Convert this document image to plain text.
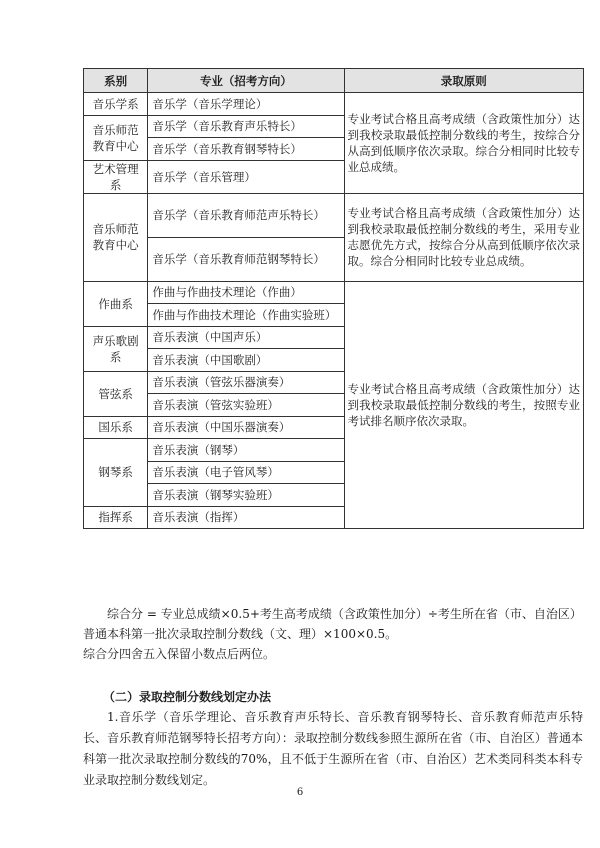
系别	专业（招考方向）	录取原则
音乐学系	音乐学（音乐学理论）	专业考试合格且高考成绩（含政策性加分）达到我校录取最低控制分数线的考生，按综合分从高到低顺序依次录取。综合分相同时比较专业总成绩。

音乐师范教育中心	音乐学（音乐教育声乐特长）	
	音乐学（音乐教育钢琴特长）	
艺术管理系	音乐学（音乐管理）	
音乐师范教育中心	音乐学（音乐教育师范声乐特长）	专业考试合格且高考成绩（含政策性加分）达到我校录取最低控制分数线的考生，采用专业志愿优先方式，按综合分从高到低顺序依次录取。综合分相同时比较专业总成绩。

	音乐学（音乐教育师范钢琴特长）	
作曲系	作曲与作曲技术理论（作曲）	专业考试合格且高考成绩（含政策性加分）达到我校录取最低控制分数线的考生，按照专业考试排名顺序依次录取。

	作曲与作曲技术理论（作曲实验班）	
声乐歌剧系	音乐表演（中国声乐）	
	音乐表演（中国歌剧）	
管弦系	音乐表演（管弦乐器演奏）	
	音乐表演（管弦实验班）	
国乐系	音乐表演（中国乐器演奏）	
钢琴系	音乐表演（钢琴）	
	音乐表演（电子管风琴）	
	音乐表演（钢琴实验班）	
指挥系	音乐表演（指挥）	

综合分 = 专业总成绩×0.5+考生高考成绩（含政策性加分）÷考生所在省（市、自治区）普通本科第一批次录取控制分数线（文、理）×100×0.5。

综合分四舍五入保留小数点后两位。

（二）录取控制分数线划定办法

1.音乐学（音乐学理论、音乐教育声乐特长、音乐教育钢琴特长、音乐教育师范声乐特长、音乐教育师范钢琴特长招考方向）：录取控制分数线参照生源所在省（市、自治区）普通本科第一批次录取控制分数线的70%，且不低于生源所在省（市、自治区）艺术类同科类本科专业录取控制分数线划定。

6
